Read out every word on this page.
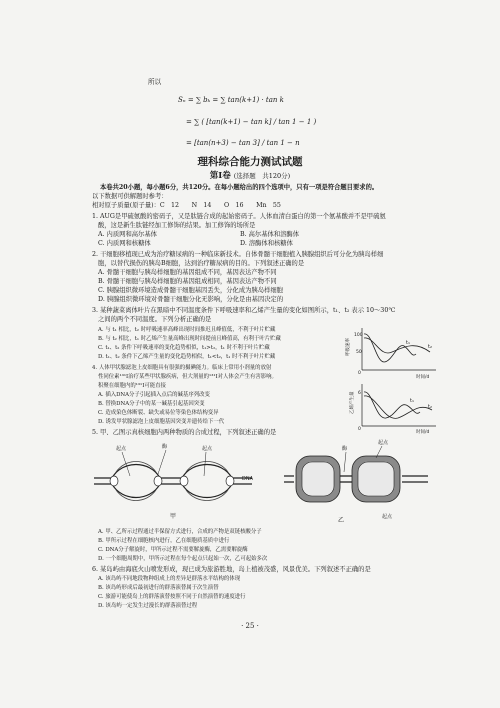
所以
Sₙ = ∑ bₖ = ∑ tan(k+1) · tan k
= ∑ ( [tan(k+1) − tan k] / tan 1 − 1 )
= [tan(n+3) − tan 3] / tan 1 − n
理科综合能力测试试题
第Ⅰ卷 (选择题　共120分)
本卷共20小题，每小题6分，共120分。在每小题给出的四个选项中，只有一项是符合题目要求的。
以下数据可供解题时参考：
相对原子质量(原子量)：C　12　　N　14　　O　16　　Mn　55
1. AUG是甲硫氨酸的密码子，又是肽链合成的起始密码子。人体血清白蛋白的第一个氨基酸并不是甲硫氨
酸，这是新生肽链经加工修饰的结果。加工修饰的场所是
A. 内质网和高尔基体	B. 高尔基体和溶酶体
C. 内质网和核糖体	D. 溶酶体和核糖体
2. 干细胞移植现已成为治疗糖尿病的一种临床新技术。自体骨髓干细胞植入胰腺组织后可分化为胰岛样细
胞，以替代损伤的胰岛B细胞，达到治疗糖尿病的目的。下列叙述正确的是
A. 骨髓干细胞与胰岛样细胞的基因组成不同，基因表达产物不同
B. 骨髓干细胞与胰岛样细胞的基因组成相同，基因表达产物不同
C. 胰腺组织微环境造成骨髓干细胞基因丢失，分化成为胰岛样细胞
D. 胰腺组织微环境对骨髓干细胞分化无影响，分化是由基因决定的
3. 某种蔬菜离体叶片在黑暗中不同温度条件下呼吸速率和乙烯产生量的变化如图所示，t₁、t₂ 表示 10～30℃
之间的两个不同温度。下列分析正确的是
A. 与 t₁ 相比，t₂ 时呼吸速率高峰出现时间推迟且峰值低，不利于叶片贮藏
B. 与 t₂ 相比，t₁ 时乙烯产生量高峰出现时间提前且峰值高，有利于叶片贮藏
C. t₁、t₂ 条件下呼吸速率的变化趋势相似，t₁>t₂，t₁ 时不利于叶片贮藏
D. t₁、t₂ 条件下乙烯产生量的变化趋势相似，t₁<t₂，t₁ 时不利于叶片贮藏
呼吸速率
100
50
0
t₁
t₂
时间/d
乙烯产生量 6
0
t₁
t₂
时间/d
4. 人体甲状腺滤泡上皮细胞具有很强的摄碘能力。临床上常用小剂量的放射
性同位素¹³¹I治疗某些甲状腺疾病，但大剂量的¹³¹I对人体会产生有害影响。
积聚在细胞内的¹³¹I可能直接
A. 插入DNA分子引起插入点后的碱基序列改变
B. 替换DNA分子中的某一碱基引起基因突变
C. 造成染色体断裂、缺失或易位等染色体结构变异
D. 诱发甲状腺滤泡上皮细胞基因突变并遗传给下一代
5. 甲、乙图示真核细胞内两种物质的合成过程，下列叙述正确的是
起点	酶	起点
DNA
甲
起点
酶
起点
乙
A. 甲、乙所示过程通过半保留方式进行，合成的产物是双链核酸分子
B. 甲所示过程在细胞核内进行，乙在细胞质基质中进行
C. DNA分子解旋时，甲所示过程不需要解旋酶，乙需要解旋酶
D. 一个细胞周期中，甲所示过程在每个起点只起始一次，乙可起始多次
6. 某岛屿由海底火山喷发形成，现已成为旅游胜地，岛上植被茂盛，风景优美。下列叙述不正确的是
A. 该岛屿不同地段物种组成上的差异是群落水平结构的体现
B. 该岛屿形成后最初进行的群落演替属于次生演替
C. 旅游可能使岛上的群落演替按照不同于自然演替的速度进行
D. 该岛屿一定发生过漫长的群落演替过程
· 25 ·
